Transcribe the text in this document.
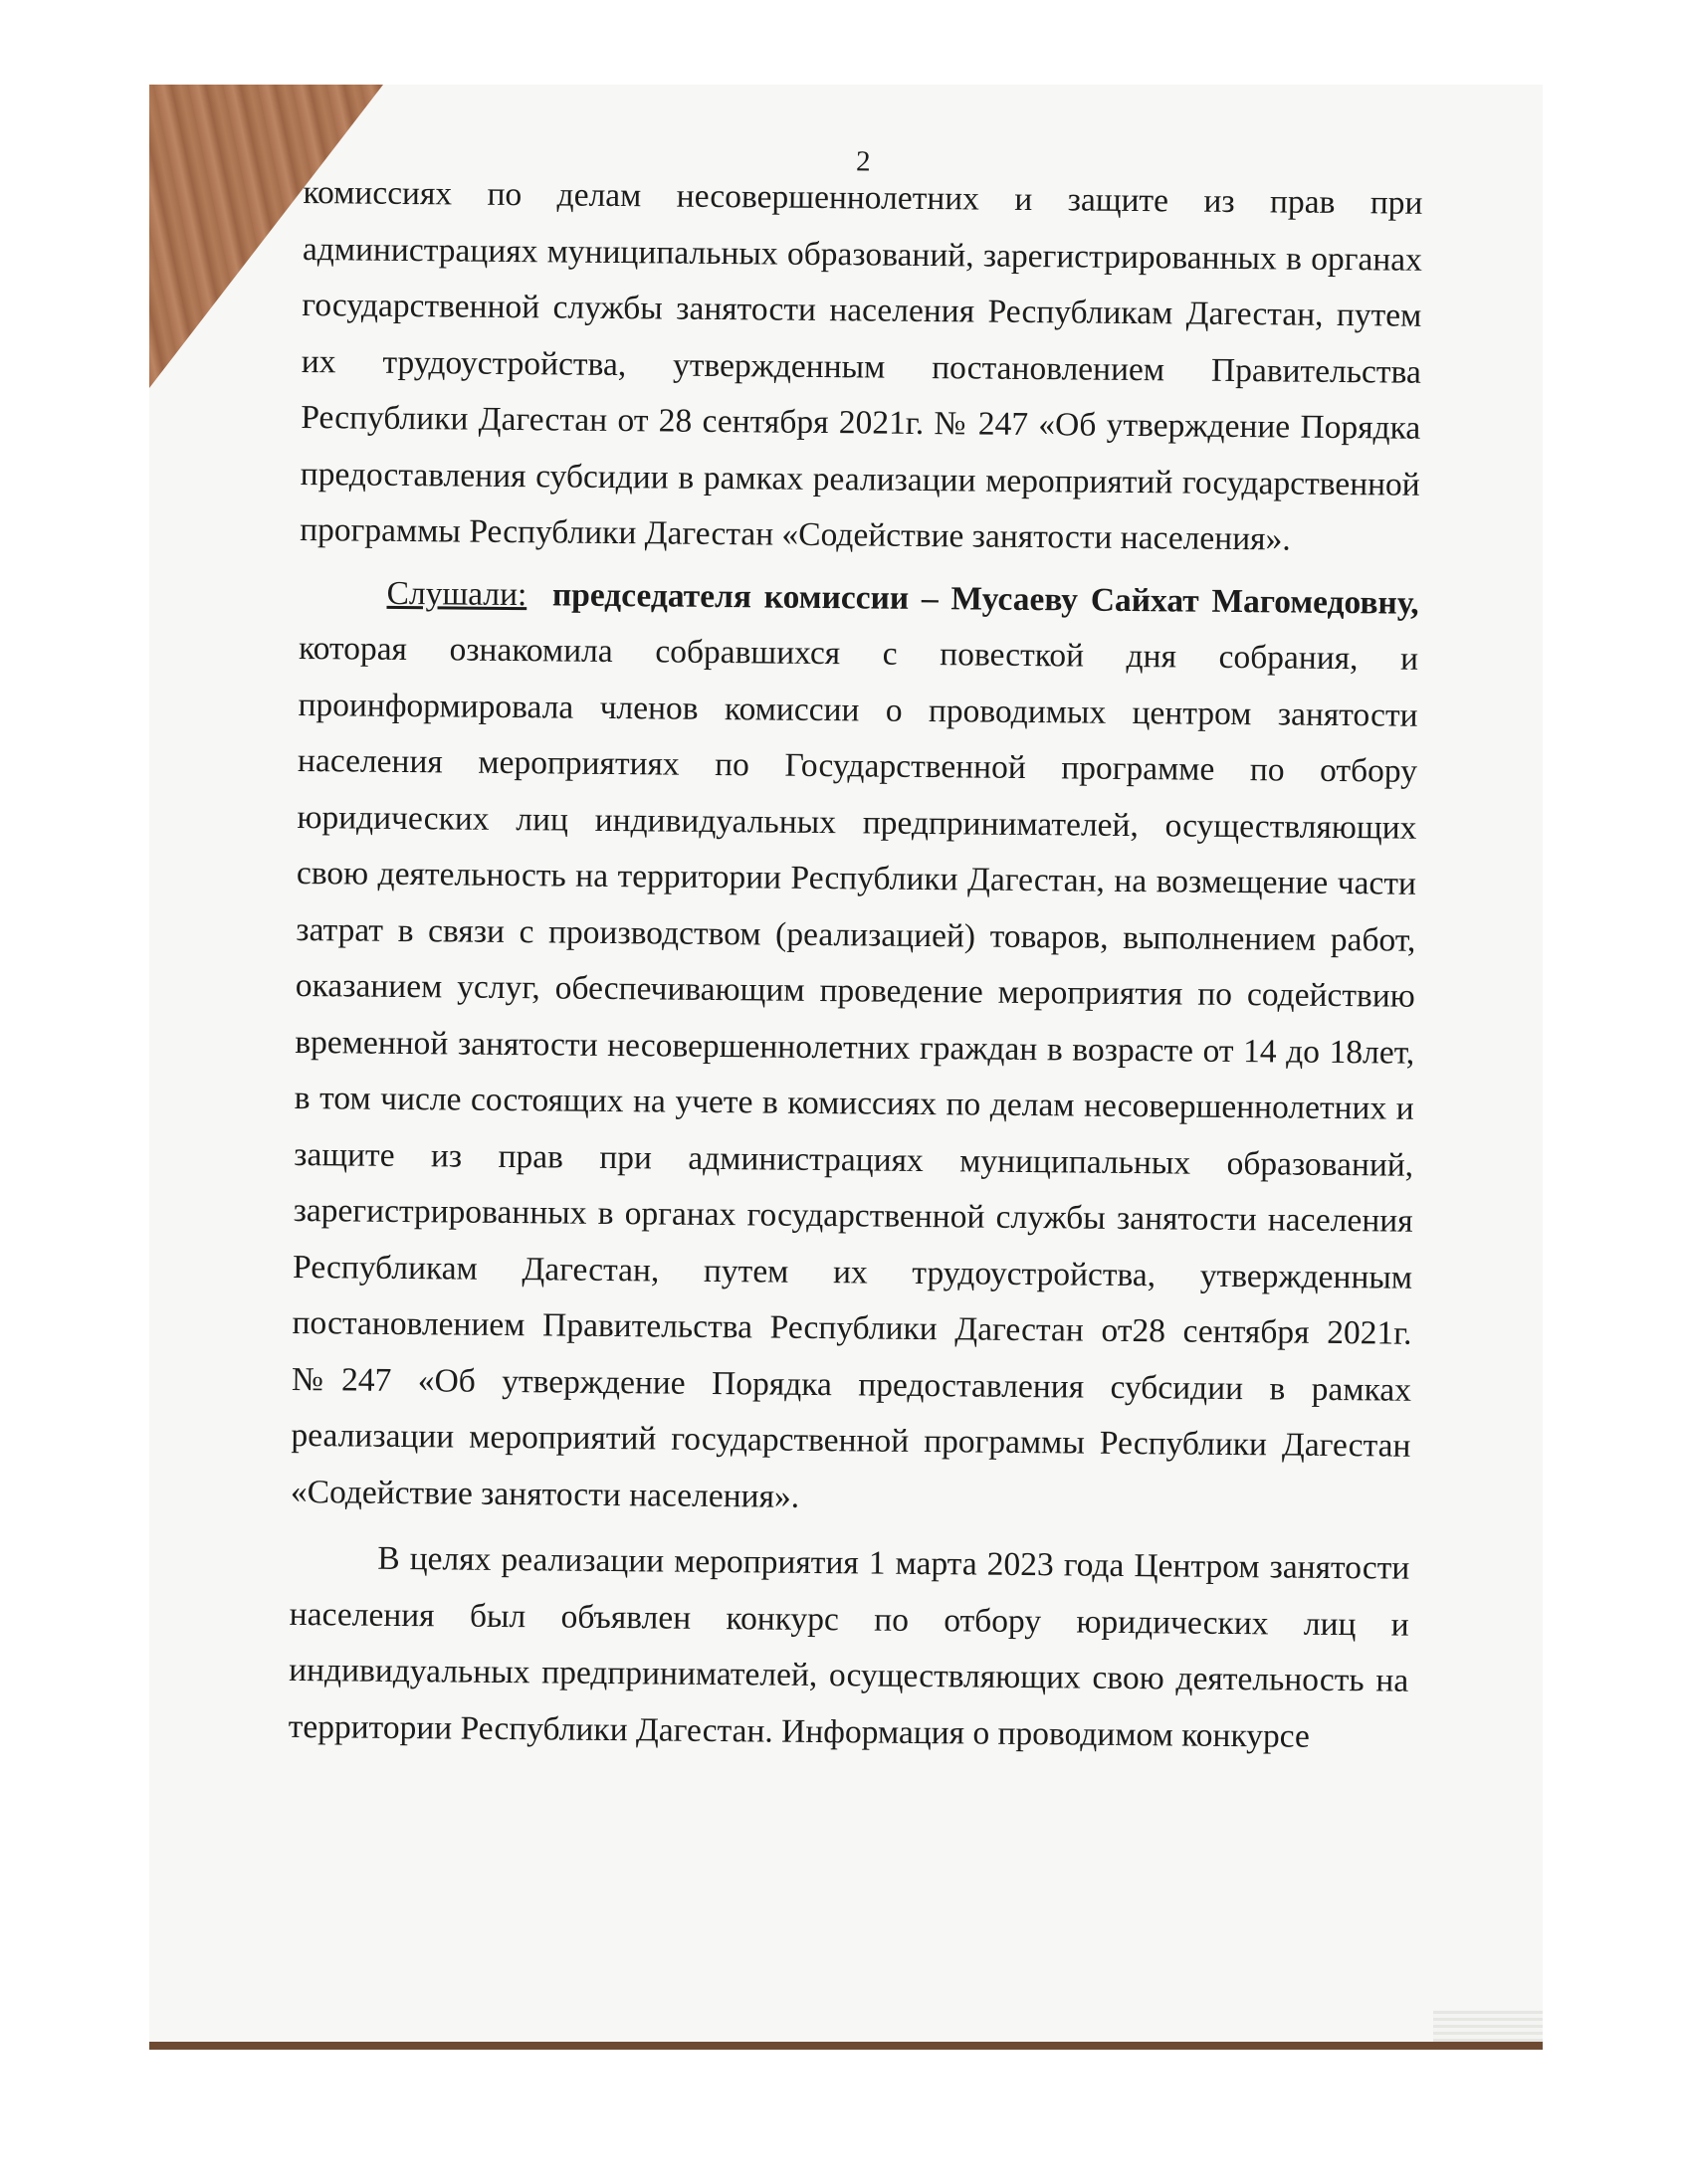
2

комиссиях по делам несовершеннолетних и защите из прав при администрациях муниципальных образований, зарегистрированных в органах государственной службы занятости населения Республикам Дагестан, путем их трудоустройства, утвержденным постановлением Правительства Республики Дагестан от 28 сентября 2021г. № 247 «Об утверждение Порядка предоставления субсидии в рамках реализации мероприятий государственной программы Республики Дагестан «Содействие занятости населения».

Слушали: председателя комиссии – Мусаеву Сайхат Магомедовну, которая ознакомила собравшихся с повесткой дня собрания, и проинформировала членов комиссии о проводимых центром занятости населения мероприятиях по Государственной программе по отбору юридических лиц индивидуальных предпринимателей, осуществляющих свою деятельность на территории Республики Дагестан, на возмещение части затрат в связи с производством (реализацией) товаров, выполнением работ, оказанием услуг, обеспечивающим проведение мероприятия по содействию временной занятости несовершеннолетних граждан в возрасте от 14 до 18лет, в том числе состоящих на учете в комиссиях по делам несовершеннолетних и защите из прав при администрациях муниципальных образований, зарегистрированных в органах государственной службы занятости населения Республикам Дагестан, путем их трудоустройства, утвержденным постановлением Правительства Республики Дагестан от28 сентября 2021г. №247 «Об утверждение Порядка предоставления субсидии в рамках реализации мероприятий государственной программы Республики Дагестан «Содействие занятости населения».

В целях реализации мероприятия 1 марта 2023 года Центром занятости населения был объявлен конкурс по отбору юридических лиц и индивидуальных предпринимателей, осуществляющих свою деятельность на территории Республики Дагестан. Информация о проводимом конкурсе
